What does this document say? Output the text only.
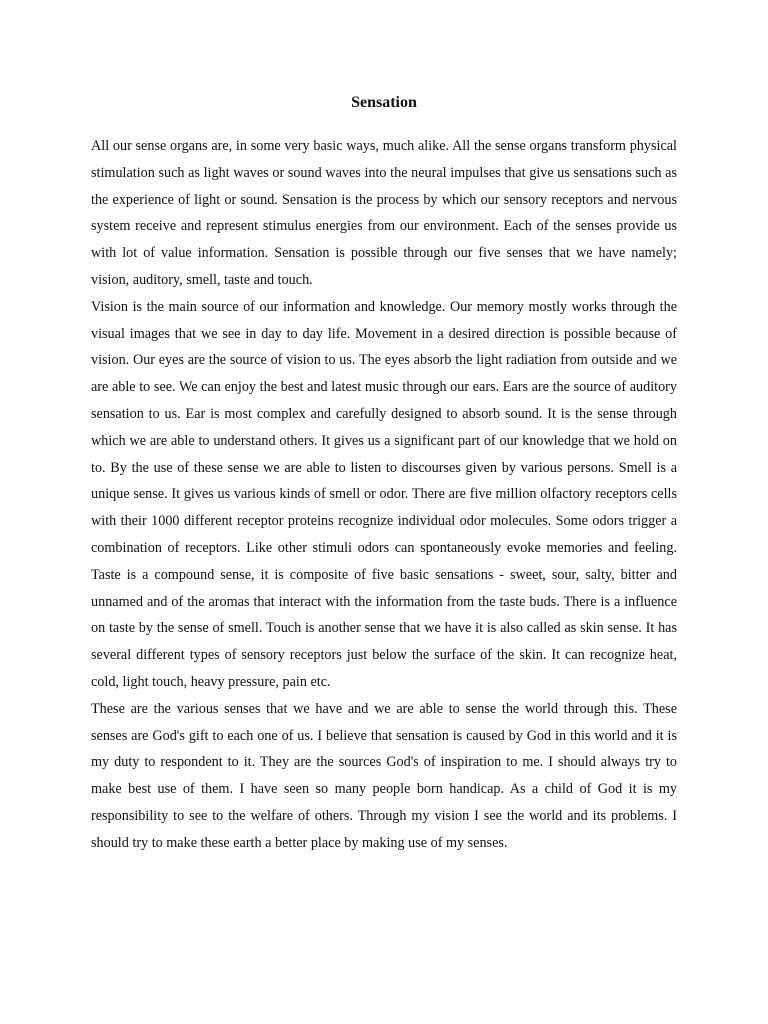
Sensation

All our sense organs are, in some very basic ways, much alike. All the sense organs transform physical stimulation such as light waves or sound waves into the neural impulses that give us sensations such as the experience of light or sound. Sensation is the process by which our sensory receptors and nervous system receive and represent stimulus energies from our environment. Each of the senses provide us with lot of value information. Sensation is possible through our five senses that we have namely; vision, auditory, smell, taste and touch.

Vision is the main source of our information and knowledge. Our memory mostly works through the visual images that we see in day to day life. Movement in a desired direction is possible because of vision. Our eyes are the source of vision to us. The eyes absorb the light radiation from outside and we are able to see. We can enjoy the best and latest music through our ears. Ears are the source of auditory sensation to us. Ear is most complex and carefully designed to absorb sound. It is the sense through which we are able to understand others. It gives us a significant part of our knowledge that we hold on to. By the use of these sense we are able to listen to discourses given by various persons. Smell is a unique sense. It gives us various kinds of smell or odor. There are five million olfactory receptors cells with their 1000 different receptor proteins recognize individual odor molecules. Some odors trigger a combination of receptors. Like other stimuli odors can spontaneously evoke memories and feeling. Taste is a compound sense, it is composite of five basic sensations - sweet, sour, salty, bitter and unnamed and of the aromas that interact with the information from the taste buds. There is a influence on taste by the sense of smell. Touch is another sense that we have it is also called as skin sense. It has several different types of sensory receptors just below the surface of the skin. It can recognize heat, cold, light touch, heavy pressure, pain etc.

These are the various senses that we have and we are able to sense the world through this. These senses are God's gift to each one of us. I believe that sensation is caused by God in this world and it is my duty to respondent to it. They are the sources God's of inspiration to me. I should always try to make best use of them. I have seen so many people born handicap. As a child of God it is my responsibility to see to the welfare of others. Through my vision I see the world and its problems. I should try to make these earth a better place by making use of my senses.
